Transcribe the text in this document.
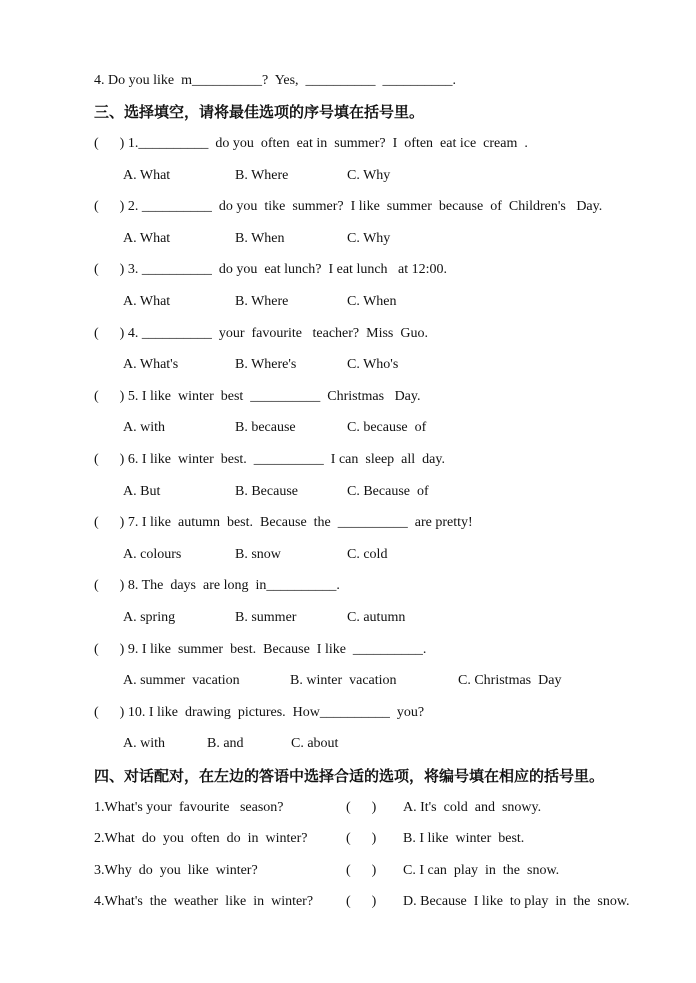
4. Do you like  m__________?  Yes,  __________  __________.
三、选择填空，请将最佳选项的序号填在括号里。
(      ) 1.__________  do you  often  eat in  summer?  I  often  eat ice  cream  .
A. What	B. Where	C. Why
(      ) 2. __________  do you  tike  summer?  I like  summer  because  of  Children's   Day.
A. What	B. When	C. Why
(      ) 3. __________  do you  eat lunch?  I eat lunch   at 12:00.
A. What	B. Where	C. When
(      ) 4. __________  your  favourite   teacher?  Miss  Guo.
A. What's	B. Where's	C. Who's
(      ) 5. I like  winter  best  __________  Christmas   Day.
A. with	B. because	C. because  of
(      ) 6. I like  winter  best.  __________  I can  sleep  all  day.
A. But	B. Because	C. Because  of
(      ) 7. I like  autumn  best.  Because  the  __________  are pretty!
A. colours	B. snow	C. cold
(      ) 8. The  days  are long  in__________.
A. spring	B. summer	C. autumn
(      ) 9. I like  summer  best.  Because  I like  __________.
A. summer  vacation	B. winter  vacation	C. Christmas  Day
(      ) 10. I like  drawing  pictures.  How__________  you?
A. with	B. and	C. about
四、对话配对，在左边的答语中选择合适的选项，将编号填在相应的括号里。
1.What's your  favourite   season?	(      ) A. It's  cold  and  snowy.
2.What  do  you  often  do  in  winter?	(      ) B. I like  winter  best.
3.Why  do  you  like  winter?	(      ) C. I can  play  in  the  snow.
4.What's  the  weather  like  in  winter? (      ) D. Because  I like  to play  in  the  snow.
